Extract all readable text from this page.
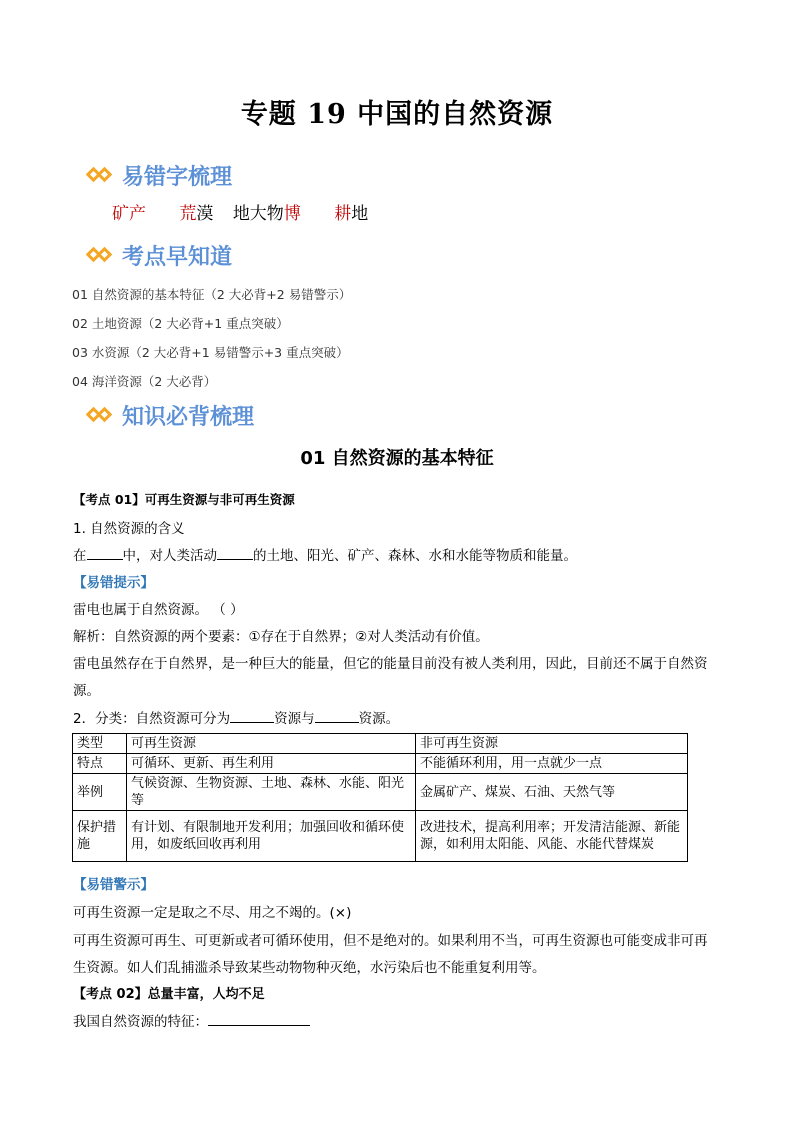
专题 19 中国的自然资源
易错字梳理
矿产 荒漠 地大物博 耕地
考点早知道
01 自然资源的基本特征（2 大必背+2 易错警示）
02 土地资源（2 大必背+1 重点突破）
03 水资源（2 大必背+1 易错警示+3 重点突破）
04 海洋资源（2 大必背）
知识必背梳理
01 自然资源的基本特征
【考点 01】可再生资源与非可再生资源
1. 自然资源的含义
在	中，对人类活动	的土地、阳光、矿产、森林、水和水能等物质和能量。
【易错提示】
雷电也属于自然资源。 （ ）
解析：自然资源的两个要素：①存在于自然界；②对人类活动有价值。
雷电虽然存在于自然界，是一种巨大的能量，但它的能量目前没有被人类利用，因此，目前还不属于自然资
源。
2．分类：自然资源可分为	资源与	资源。
类型	可再生资源	非可再生资源
特点	可循环、更新、再生利用	不能循环利用，用一点就少一点
举例	气候资源、生物资源、土地、森林、水能、阳光等	金属矿产、煤炭、石油、天然气等
保护措施	有计划、有限制地开发利用；加强回收和循环使用，如废纸回收再利用	改进技术，提高利用率；开发清洁能源、新能源，如利用太阳能、风能、水能代替煤炭
【易错警示】
可再生资源一定是取之不尽、用之不竭的。(×)
可再生资源可再生、可更新或者可循环使用，但不是绝对的。如果利用不当，可再生资源也可能变成非可再
生资源。如人们乱捕滥杀导致某些动物物种灭绝，水污染后也不能重复利用等。
【考点 02】总量丰富，人均不足
我国自然资源的特征：
